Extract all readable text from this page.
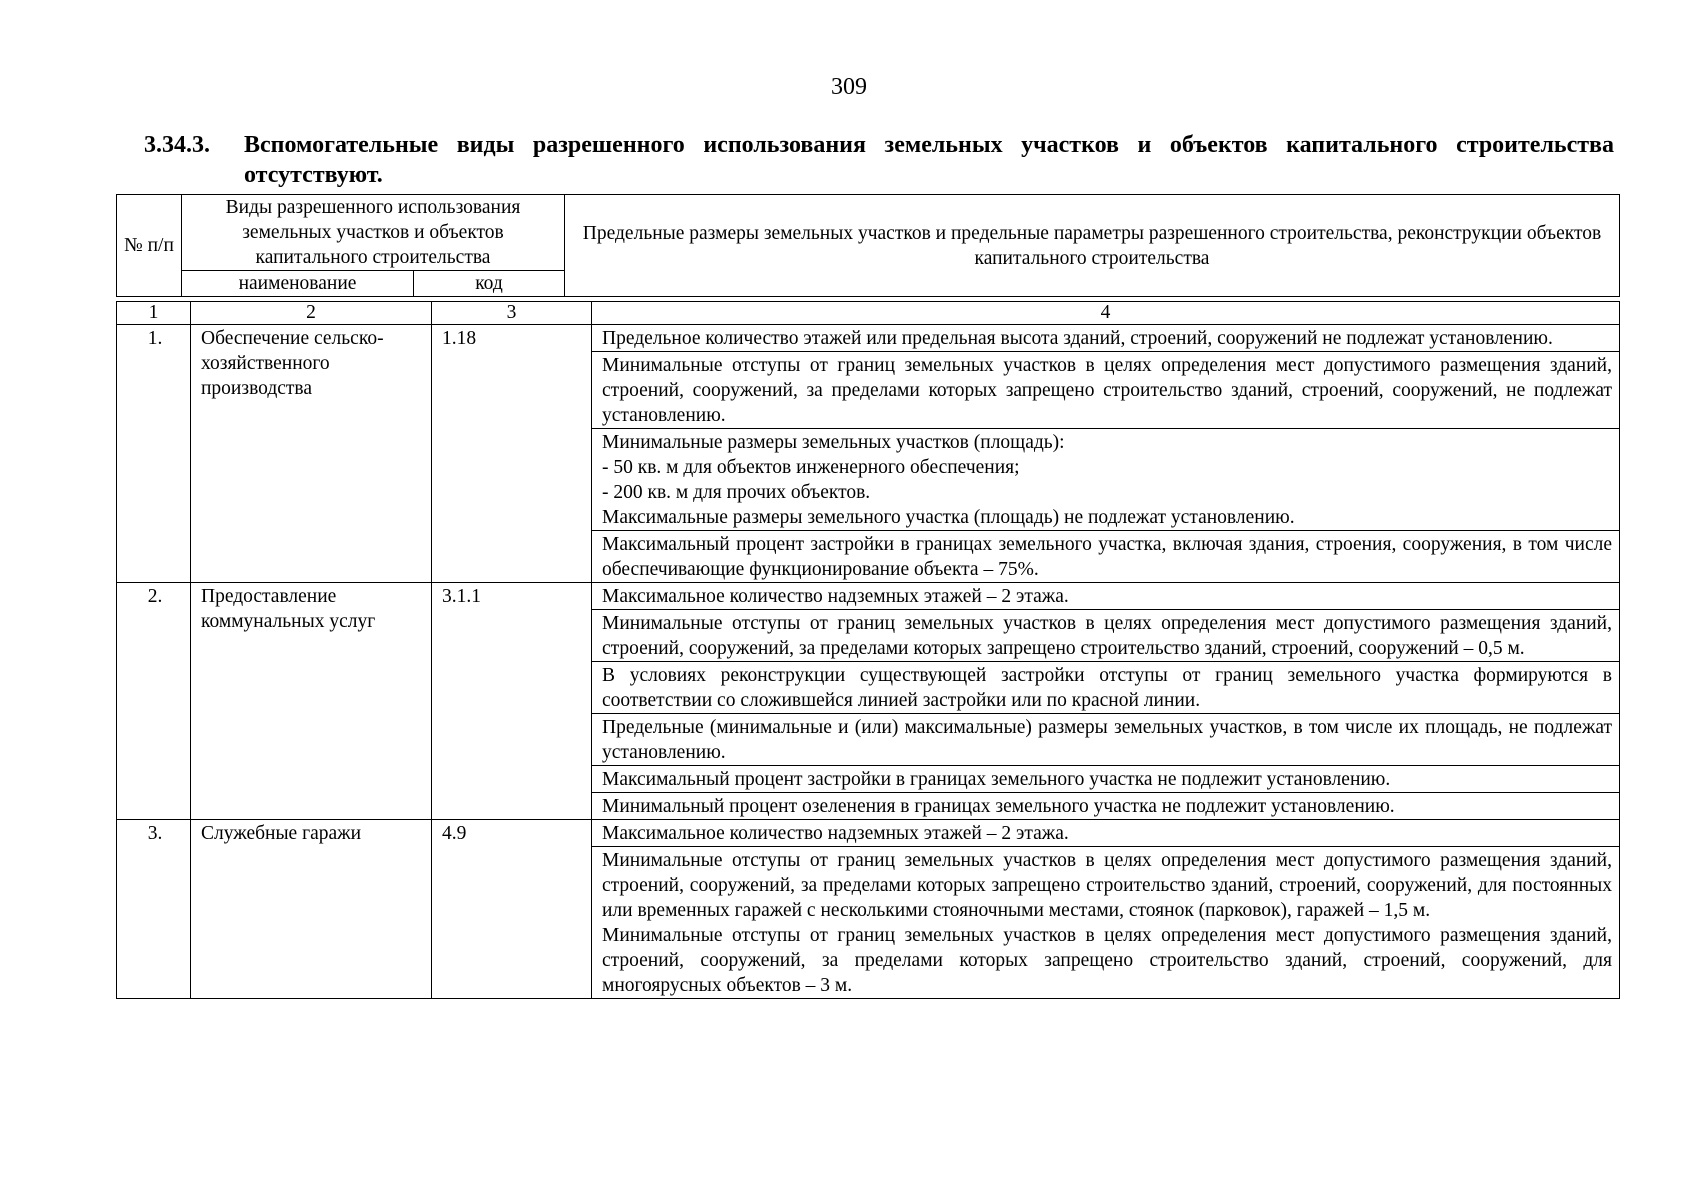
309
3.34.3. Вспомогательные виды разрешенного использования земельных участков и объектов капитального строительства отсутствуют.
№ п/п	Виды разрешенного использования земельных участков и объектов капитального строительства		Предельные размеры земельных участков и предельные параметры разрешенного строительства, реконструкции объектов капитального строительства
	наименование	код	
1	2	3	4
1.	Обеспечение сельско-хозяйственного производства	1.18	Предельное количество этажей или предельная высота зданий, строений, сооружений не подлежат установлению.
			Минимальные отступы от границ земельных участков в целях определения мест допустимого размещения зданий, строений, сооружений, за пределами которых запрещено строительство зданий, строений, сооружений, не подлежат установлению.

			Минимальные размеры земельных участков (площадь):
- 50 кв. м для объектов инженерного обеспечения;
- 200 кв. м для прочих объектов.
Максимальные размеры земельного участка (площадь) не подлежат установлению.

			Максимальный процент застройки в границах земельного участка, включая здания, строения, сооружения, в том числе обеспечивающие функционирование объекта – 75%.
2.	Предоставление коммунальных услуг	3.1.1	Максимальное количество надземных этажей – 2 этажа.
			Минимальные отступы от границ земельных участков в целях определения мест допустимого размещения зданий, строений, сооружений, за пределами которых запрещено строительство зданий, строений, сооружений – 0,5 м.
			В условиях реконструкции существующей застройки отступы от границ земельного участка формируются в соответствии со сложившейся линией застройки или по красной линии.
			Предельные (минимальные и (или) максимальные) размеры земельных участков, в том числе их площадь, не подлежат установлению.
			Максимальный процент застройки в границах земельного участка не подлежит установлению.
			Минимальный процент озеленения в границах земельного участка не подлежит установлению.
3.	Служебные гаражи	4.9	Максимальное количество надземных этажей – 2 этажа.

			Минимальные отступы от границ земельных участков в целях определения мест допустимого размещения зданий, строений, сооружений, за пределами которых запрещено строительство зданий, строений, сооружений, для постоянных или временных гаражей с несколькими стояночными местами, стоянок (парковок), гаражей – 1,5 м.
Минимальные отступы от границ земельных участков в целях определения мест допустимого размещения зданий, строений, сооружений, за пределами которых запрещено строительство зданий, строений, сооружений, для многоярусных объектов – 3 м.
